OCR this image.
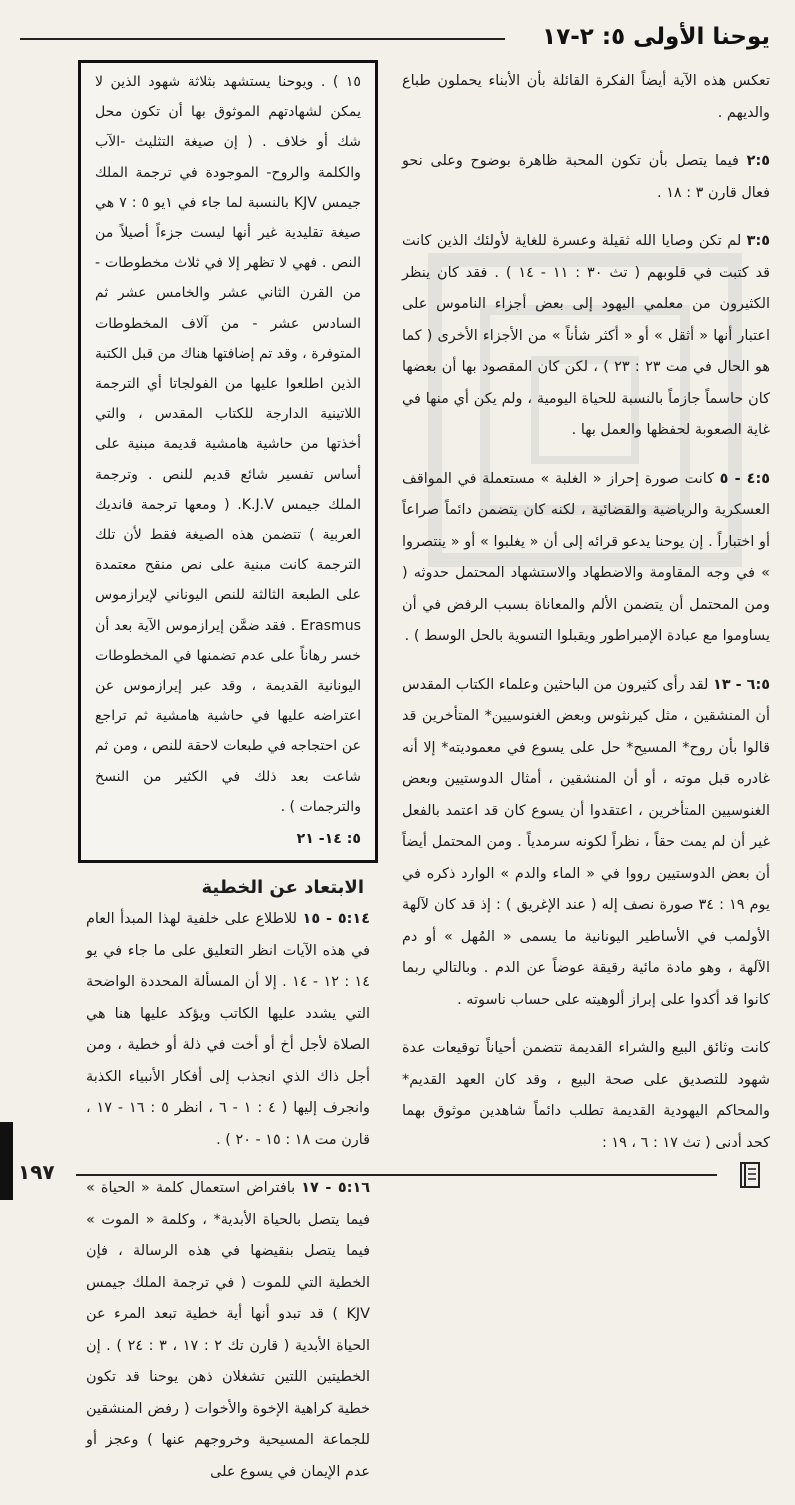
يوحنا الأولى ٥: ٢-١٧

تعكس هذه الآية أيضاً الفكرة القائلة بأن الأبناء يحملون طباع والديهم .

٢:٥ فيما يتصل بأن تكون المحبة ظاهرة بوضوح وعلى نحو فعال قارن ٣ : ١٨ .

٣:٥ لم تكن وصايا الله ثقيلة وعسرة للغاية لأولئك الذين كانت قد كتبت في قلوبهم ( تث ٣٠ : ١١ - ١٤ ) . فقد كان ينظر الكثيرون من معلمي اليهود إلى بعض أجزاء الناموس على اعتبار أنها « أثقل » أو « أكثر شأناً » من الأجزاء الأخرى ( كما هو الحال في مت ٢٣ : ٢٣ ) ، لكن كان المقصود بها أن بعضها كان حاسماً جازماً بالنسبة للحياة اليومية ، ولم يكن أي منها في غاية الصعوبة لحفظها والعمل بها .

٤:٥ - ٥ كانت صورة إحراز « الغلبة » مستعملة في المواقف العسكرية والرياضية والقضائية ، لكنه كان يتضمن دائماً صراعاً أو اختباراً . إن يوحنا يدعو قرائه إلى أن « يغلبوا » أو « ينتصروا » في وجه المقاومة والاضطهاد والاستشهاد المحتمل حدوثه ( ومن المحتمل أن يتضمن الألم والمعاناة بسبب الرفض في أن يساوموا مع عبادة الإمبراطور ويقبلوا التسوية بالحل الوسط ) .

٦:٥ - ١٣ لقد رأى كثيرون من الباحثين وعلماء الكتاب المقدس أن المنشقين ، مثل كيرنثوس وبعض الغنوسيين* المتأخرين قد قالوا بأن روح* المسيح* حل على يسوع في معموديته* إلا أنه غادره قبل موته ، أو أن المنشقين ، أمثال الدوستيين وبعض الغنوسيين المتأخرين ، اعتقدوا أن يسوع كان قد اعتمد بالفعل غير أن لم يمت حقاً ، نظراً لكونه سرمدياً . ومن المحتمل أيضاً أن بعض الدوستيين رووا في « الماء والدم » الوارد ذكره في يوم ١٩ : ٣٤ صورة نصف إله ( عند الإغريق ) : إذ قد كان لآلهة الأولمب في الأساطير اليونانية ما يسمى « المُهل » أو دم الآلهة ، وهو مادة مائية رقيقة عوضاً عن الدم . وبالتالي ربما كانوا قد أكدوا على إبراز ألوهيته على حساب ناسوته .

كانت وثائق البيع والشراء القديمة تتضمن أحياناً توقيعات عدة شهود للتصديق على صحة البيع ، وقد كان العهد القديم* والمحاكم اليهودية القديمة تطلب دائماً شاهدين موثوق بهما كحد أدنى ( تث ١٧ : ٦ ، ١٩ :

١٥ ) . ويوحنا يستشهد بثلاثة شهود الذين لا يمكن لشهادتهم الموثوق بها أن تكون محل شك أو خلاف . ( إن صيغة التثليث -الآب والكلمة والروح- الموجودة في ترجمة الملك جيمس KJV بالنسبة لما جاء في ١يو ٥ : ٧ هي صيغة تقليدية غير أنها ليست جزءاً أصيلاً من النص . فهي لا تظهر إلا في ثلاث مخطوطات - من القرن الثاني عشر والخامس عشر ثم السادس عشر - من آلاف المخطوطات المتوفرة ، وقد تم إضافتها هناك من قبل الكتبة الذين اطلعوا عليها من الفولجاتا أي الترجمة اللاتينية الدارجة للكتاب المقدس ، والتي أخذتها من حاشية هامشية قديمة مبنية على أساس تفسير شائع قديم للنص . وترجمة الملك جيمس K.J.V. ( ومعها ترجمة فانديك العربية ) تتضمن هذه الصيغة فقط لأن تلك الترجمة كانت مبنية على نص منقح معتمدة على الطبعة الثالثة للنص اليوناني لإيرازموس Erasmus . فقد ضمَّن إيرازموس الآية بعد أن خسر رهاناً على عدم تضمنها في المخطوطات اليونانية القديمة ، وقد عبر إيرازموس عن اعتراضه عليها في حاشية هامشية ثم تراجع عن احتجاجه في طبعات لاحقة للنص ، ومن ثم شاعت بعد ذلك في الكثير من النسخ والترجمات ) .

٥: ١٤- ٢١

الابتعاد عن الخطية

٥:١٤ - ١٥ للاطلاع على خلفية لهذا المبدأ العام في هذه الآيات انظر التعليق على ما جاء في يو ١٤ : ١٢ - ١٤ . إلا أن المسألة المحددة الواضحة التي يشدد عليها الكاتب ويؤكد عليها هنا هي الصلاة لأجل أخ أو أخت في ذلة أو خطية ، ومن أجل ذاك الذي انجذب إلى أفكار الأنبياء الكذبة وانجرف إليها ( ٤ : ١ - ٦ ، انظر ٥ : ١٦ - ١٧ ، قارن مت ١٨ : ١٥ - ٢٠ ) .

٥:١٦ - ١٧ بافتراض استعمال كلمة « الحياة » فيما يتصل بالحياة الأبدية* ، وكلمة « الموت » فيما يتصل بنقيضها في هذه الرسالة ، فإن الخطية التي للموت ( في ترجمة الملك جيمس KJV ) قد تبدو أنها أية خطية تبعد المرء عن الحياة الأبدية ( قارن تك ٢ : ١٧ ، ٣ : ٢٤ ) . إن الخطيتين اللتين تشغلان ذهن يوحنا قد تكون خطية كراهية الإخوة والأخوات ( رفض المنشقين للجماعة المسيحية وخروجهم عنها ) وعجز أو عدم الإيمان في يسوع على

١٩٧
